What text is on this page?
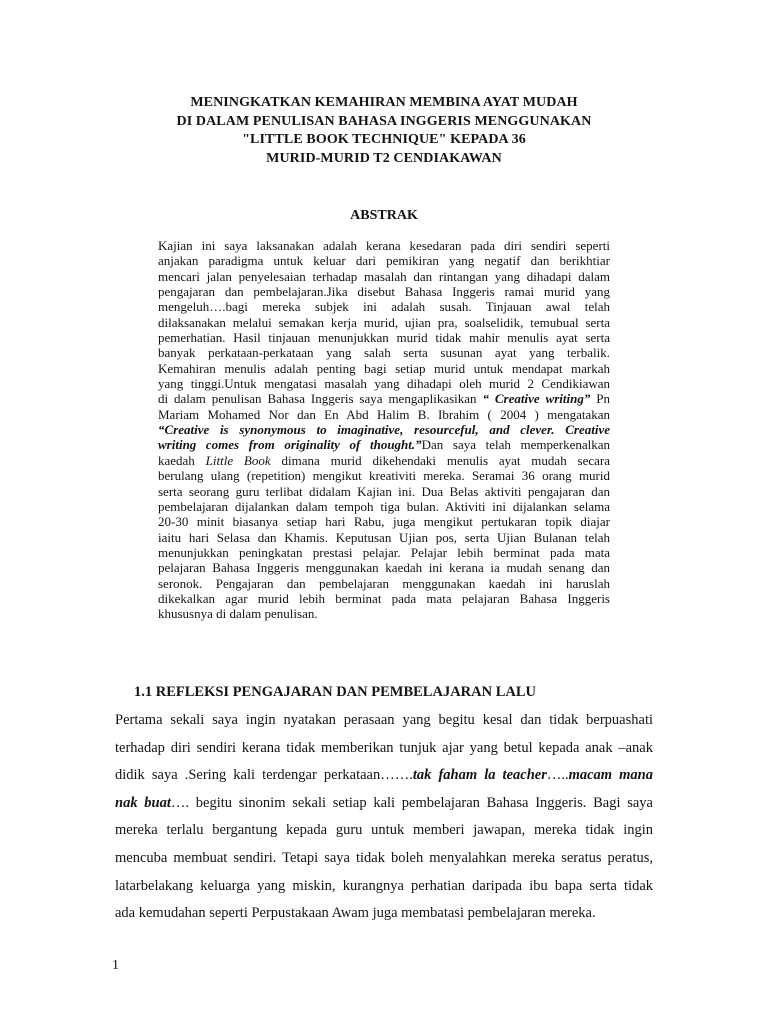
MENINGKATKAN KEMAHIRAN MEMBINA AYAT MUDAH
DI DALAM PENULISAN BAHASA INGGERIS MENGGUNAKAN
"LITTLE BOOK TECHNIQUE" KEPADA 36
MURID-MURID T2 CENDIAKAWAN
ABSTRAK
Kajian ini saya laksanakan adalah kerana kesedaran pada diri sendiri seperti
anjakan paradigma untuk keluar dari pemikiran yang negatif dan berikhtiar
mencari jalan penyelesaian terhadap masalah dan rintangan yang dihadapi dalam
pengajaran dan pembelajaran.Jika disebut Bahasa Inggeris ramai murid yang
mengeluh….bagi mereka subjek ini adalah susah. Tinjauan awal telah
dilaksanakan melalui semakan kerja murid, ujian pra, soalselidik, temubual serta
pemerhatian. Hasil tinjauan menunjukkan murid tidak mahir menulis ayat serta
banyak perkataan-perkataan yang salah serta susunan ayat yang terbalik.
Kemahiran menulis adalah penting bagi setiap murid untuk mendapat markah
yang tinggi.Untuk mengatasi masalah yang dihadapi oleh murid 2 Cendikiawan
di dalam penulisan Bahasa Inggeris saya mengaplikasikan “ Creative writing” Pn
Mariam Mohamed Nor dan En Abd Halim B. Ibrahim ( 2004 ) mengatakan
“Creative is synonymous to imaginative, resourceful, and clever. Creative
writing comes from originality of thought.”Dan saya telah memperkenalkan
kaedah Little Book dimana murid dikehendaki menulis ayat mudah secara
berulang ulang (repetition) mengikut kreativiti mereka. Seramai 36 orang murid
serta seorang guru terlibat didalam Kajian ini. Dua Belas aktiviti pengajaran dan
pembelajaran dijalankan dalam tempoh tiga bulan. Aktiviti ini dijalankan selama
20-30 minit biasanya setiap hari Rabu, juga mengikut pertukaran topik diajar
iaitu hari Selasa dan Khamis. Keputusan Ujian pos, serta Ujian Bulanan telah
menunjukkan peningkatan prestasi pelajar. Pelajar lebih berminat pada mata
pelajaran Bahasa Inggeris menggunakan kaedah ini kerana ia mudah senang dan
seronok. Pengajaran dan pembelajaran menggunakan kaedah ini haruslah
dikekalkan agar murid lebih berminat pada mata pelajaran Bahasa Inggeris
khususnya di dalam penulisan.
1.1 REFLEKSI PENGAJARAN DAN PEMBELAJARAN LALU
Pertama sekali saya ingin nyatakan perasaan yang begitu kesal dan tidak berpuashati
terhadap diri sendiri kerana tidak memberikan tunjuk ajar yang betul kepada anak –anak
didik saya .Sering kali terdengar perkataan…….tak faham la teacher…..macam mana
nak buat…. begitu sinonim sekali setiap kali pembelajaran Bahasa Inggeris. Bagi saya
mereka terlalu bergantung kepada guru untuk memberi jawapan, mereka tidak ingin
mencuba membuat sendiri. Tetapi saya tidak boleh menyalahkan mereka seratus peratus,
latarbelakang keluarga yang miskin, kurangnya perhatian daripada ibu bapa serta tidak
ada kemudahan seperti Perpustakaan Awam juga membatasi pembelajaran mereka.
1
